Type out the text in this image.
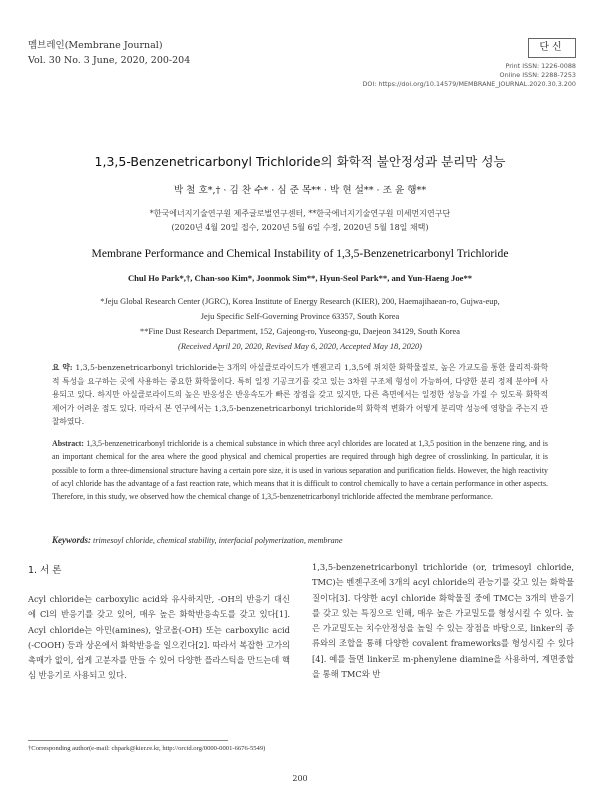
멤브레인(Membrane Journal)
Vol. 30 No. 3 June, 2020, 200-204
단신
Print ISSN: 1226-0088
Online ISSN: 2288-7253
DOI: https://doi.org/10.14579/MEMBRANE_JOURNAL.2020.30.3.200
1,3,5-Benzenetricarbonyl Trichloride의 화학적 불안정성과 분리막 성능
박 철 호*,† · 김 찬 수* · 심 준 목** · 박 현 설** · 조 윤 행**
*한국에너지기술연구원 제주글로벌연구센터, **한국에너지기술연구원 미세먼지연구단
(2020년 4월 20일 접수, 2020년 5월 6일 수정, 2020년 5월 18일 채택)
Membrane Performance and Chemical Instability of 1,3,5-Benzenetricarbonyl Trichloride
Chul Ho Park*,†, Chan-soo Kim*, Joonmok Sim**, Hyun-Seol Park**, and Yun-Haeng Joe**
*Jeju Global Research Center (JGRC), Korea Institute of Energy Research (KIER), 200, Haemajihaean-ro, Gujwa-eup,
Jeju Specific Self-Governing Province 63357, South Korea
**Fine Dust Research Department, 152, Gajeong-ro, Yuseong-gu, Daejeon 34129, South Korea
(Received April 20, 2020, Revised May 6, 2020, Accepted May 18, 2020)
요 약: 1,3,5-benzenetricarbonyl trichloride는 3개의 아실클로라이드가 벤젠고리 1,3,5에 위치한 화학물질로, 높은 가교도를 통한 물리적·화학적 특성을 요구하는 곳에 사용하는 중요한 화학물이다. 특히 일정 기공크기를 갖고 있는 3차원 구조체 형성이 가능하여, 다양한 분리 정제 분야에 사용되고 있다. 하지만 아실클로라이드의 높은 반응성은 반응속도가 빠른 장점을 갖고 있지만, 다른 측면에서는 일정한 성능을 가질 수 있도록 화학적 제어가 어려운 점도 있다. 따라서 본 연구에서는 1,3,5-benzenetricarbonyl trichloride의 화학적 변화가 어떻게 분리막 성능에 영향을 주는지 관찰하였다.
Abstract: 1,3,5-benzenetricarbonyl trichloride is a chemical substance in which three acyl chlorides are located at 1,3,5 position in the benzene ring, and is an important chemical for the area where the good physical and chemical properties are required through high degree of crosslinking. In particular, it is possible to form a three-dimensional structure having a certain pore size, it is used in various separation and purification fields. However, the high reactivity of acyl chloride has the advantage of a fast reaction rate, which means that it is difficult to control chemically to have a certain performance in other aspects. Therefore, in this study, we observed how the chemical change of 1,3,5-benzenetricarbonyl trichloride affected the membrane performance.
Keywords: trimesoyl chloride, chemical stability, interfacial polymerization, membrane
1. 서 론
Acyl chloride는 carboxylic acid와 유사하지만, -OH의 반응기 대신에 Cl의 반응기를 갖고 있어, 매우 높은 화학반응속도를 갖고 있다[1]. Acyl chloride는 아민(amines), 알코올(-OH) 또는 carboxylic acid (-COOH) 등과 상온에서 화학반응을 일으킨다[2]. 따라서 복잡한 고가의 촉매가 없이, 쉽게 고분자를 만들 수 있어 다양한 플라스틱을 만드는데 핵심 반응기로 사용되고 있다.
1,3,5-benzenetricarbonyl trichloride (or, trimesoyl chloride, TMC)는 벤젠구조에 3개의 acyl chloride의 관능기를 갖고 있는 화학물질이다[3]. 다양한 acyl chloride 화학물질 중에 TMC는 3개의 반응기를 갖고 있는 특징으로 인해, 매우 높은 가교밀도를 형성시킬 수 있다. 높은 가교밀도는 치수안정성을 높일 수 있는 장점을 바탕으로, linker의 종류와의 조합을 통해 다양한 covalent frameworks를 형성시킬 수 있다[4]. 예를 들면 linker로 m-phenylene diamine을 사용하여, 계면중합을 통해 TMC와 반
†Corresponding author(e-mail: chpark@kier.re.kr, http://orcid.org/0000-0001-6676-5549)
200
